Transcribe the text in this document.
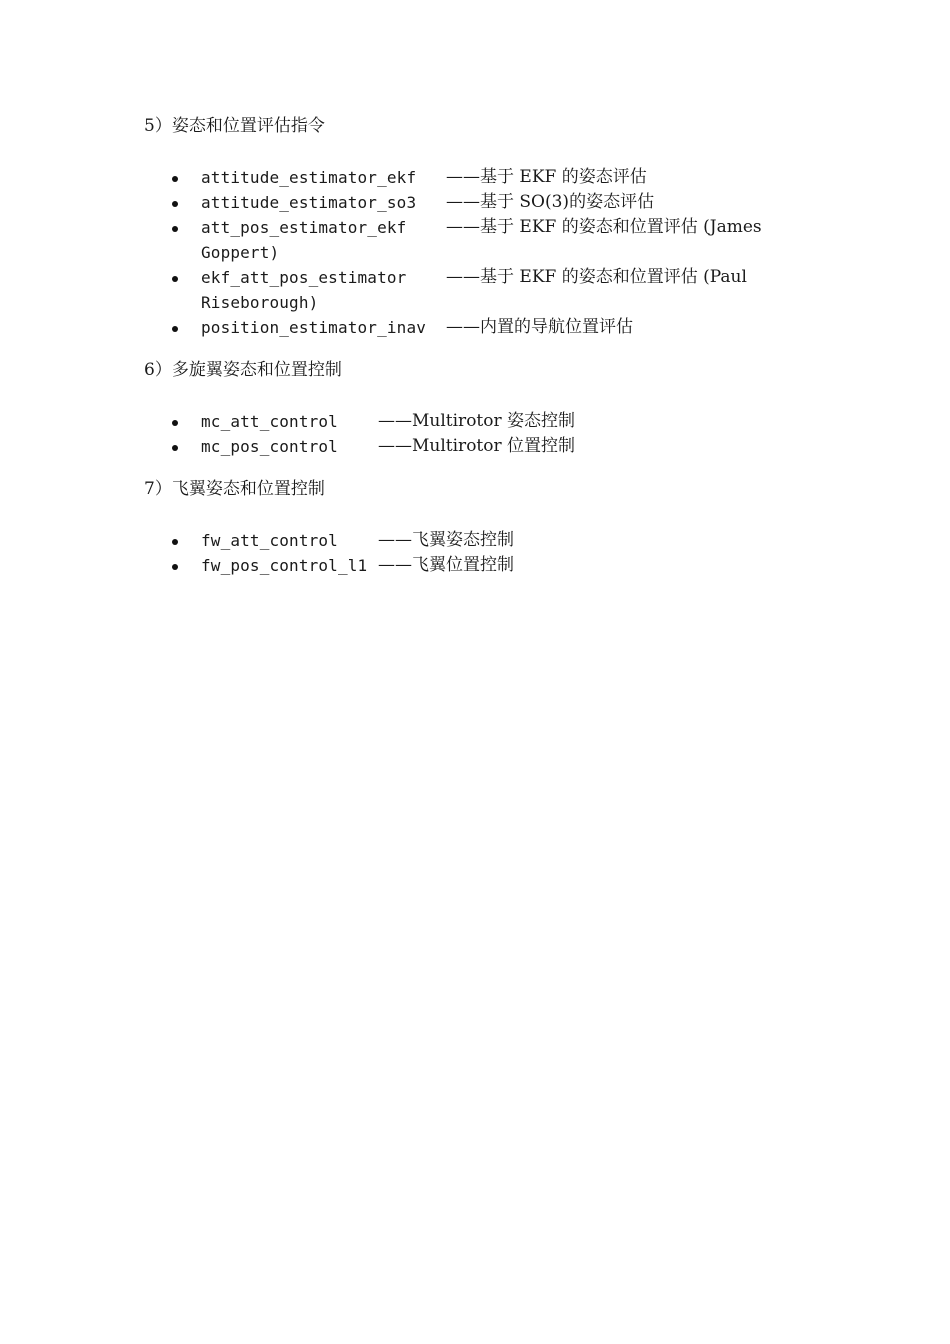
5）姿态和位置评估指令
attitude_estimator_ekf ——基于 EKF 的姿态评估
attitude_estimator_so3 ——基于 SO(3)的姿态评估
att_pos_estimator_ekf ——基于 EKF 的姿态和位置评估 (James
Goppert)
ekf_att_pos_estimator ——基于 EKF 的姿态和位置评估 (Paul
Riseborough)
position_estimator_inav ——内置的导航位置评估
6）多旋翼姿态和位置控制
mc_att_control ——Multirotor 姿态控制
mc_pos_control ——Multirotor 位置控制
7）飞翼姿态和位置控制
fw_att_control ——飞翼姿态控制
fw_pos_control_l1 ——飞翼位置控制
